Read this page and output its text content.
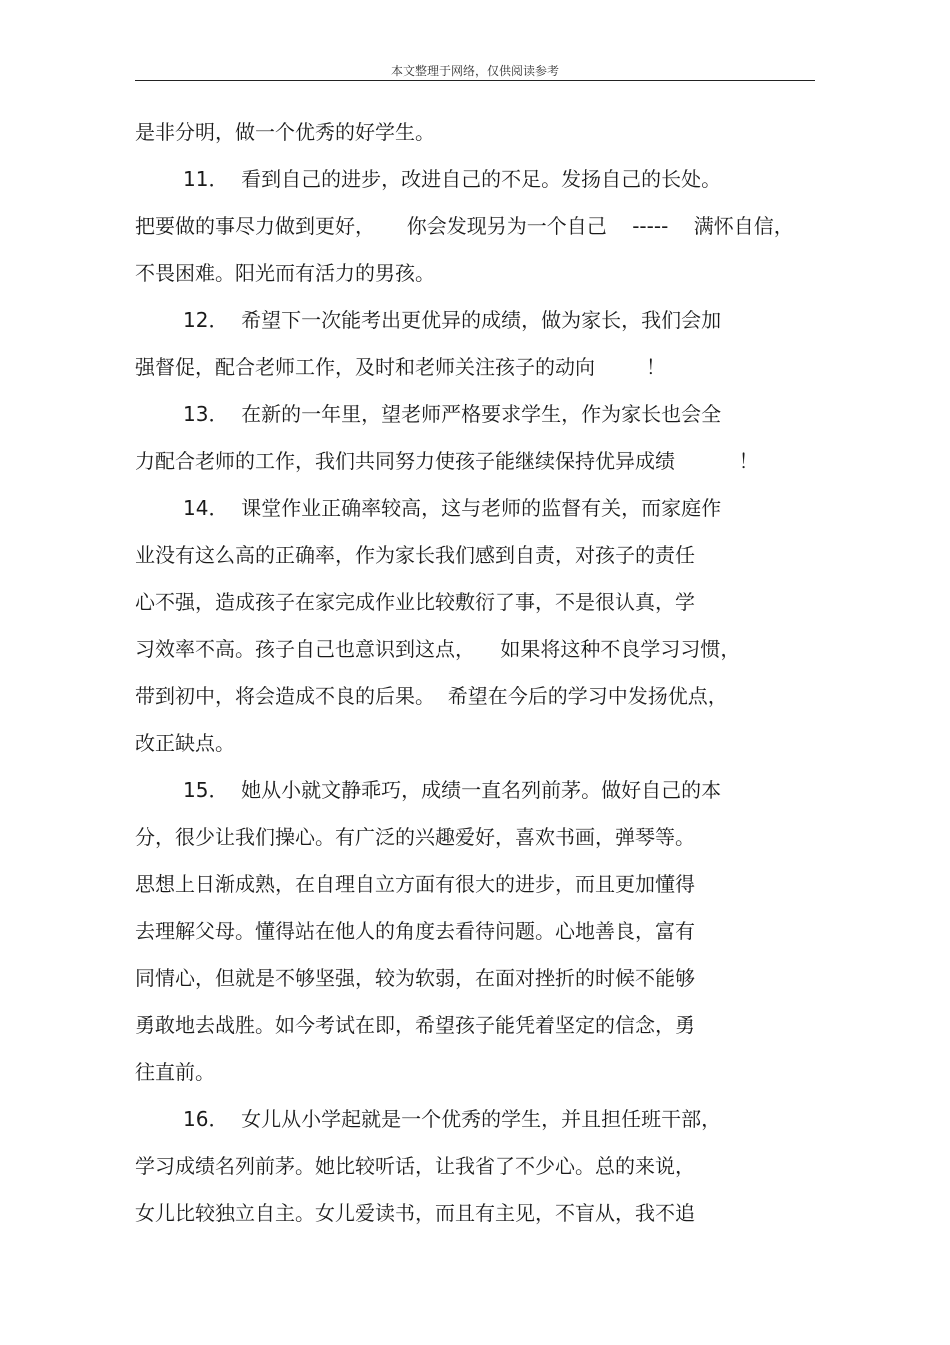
本文整理于网络，仅供阅读参考
是非分明，做一个优秀的好学生。
11．  看到自己的进步，改进自己的不足。发扬自己的长处。
把要做的事尽力做到更好，     你会发现另为一个自己    -----    满怀自信，
不畏困难。阳光而有活力的男孩。
12．  希望下一次能考出更优异的成绩，做为家长，我们会加
强督促，配合老师工作，及时和老师关注孩子的动向        ！
13．  在新的一年里，望老师严格要求学生，作为家长也会全
力配合老师的工作，我们共同努力使孩子能继续保持优异成绩          ！
14．  课堂作业正确率较高，这与老师的监督有关，而家庭作
业没有这么高的正确率，作为家长我们感到自责，对孩子的责任
心不强，造成孩子在家完成作业比较敷衍了事，不是很认真，学
习效率不高。孩子自己也意识到这点，    如果将这种不良学习习惯，
带到初中，将会造成不良的后果。  希望在今后的学习中发扬优点，
改正缺点。
15．  她从小就文静乖巧，成绩一直名列前茅。做好自己的本
分，很少让我们操心。有广泛的兴趣爱好，喜欢书画，弹琴等。
思想上日渐成熟，在自理自立方面有很大的进步，而且更加懂得
去理解父母。懂得站在他人的角度去看待问题。心地善良，富有
同情心，但就是不够坚强，较为软弱，在面对挫折的时候不能够
勇敢地去战胜。如今考试在即，希望孩子能凭着坚定的信念，勇
往直前。
16．  女儿从小学起就是一个优秀的学生，并且担任班干部，
学习成绩名列前茅。她比较听话，让我省了不少心。总的来说，
女儿比较独立自主。女儿爱读书，而且有主见，不盲从，我不追
